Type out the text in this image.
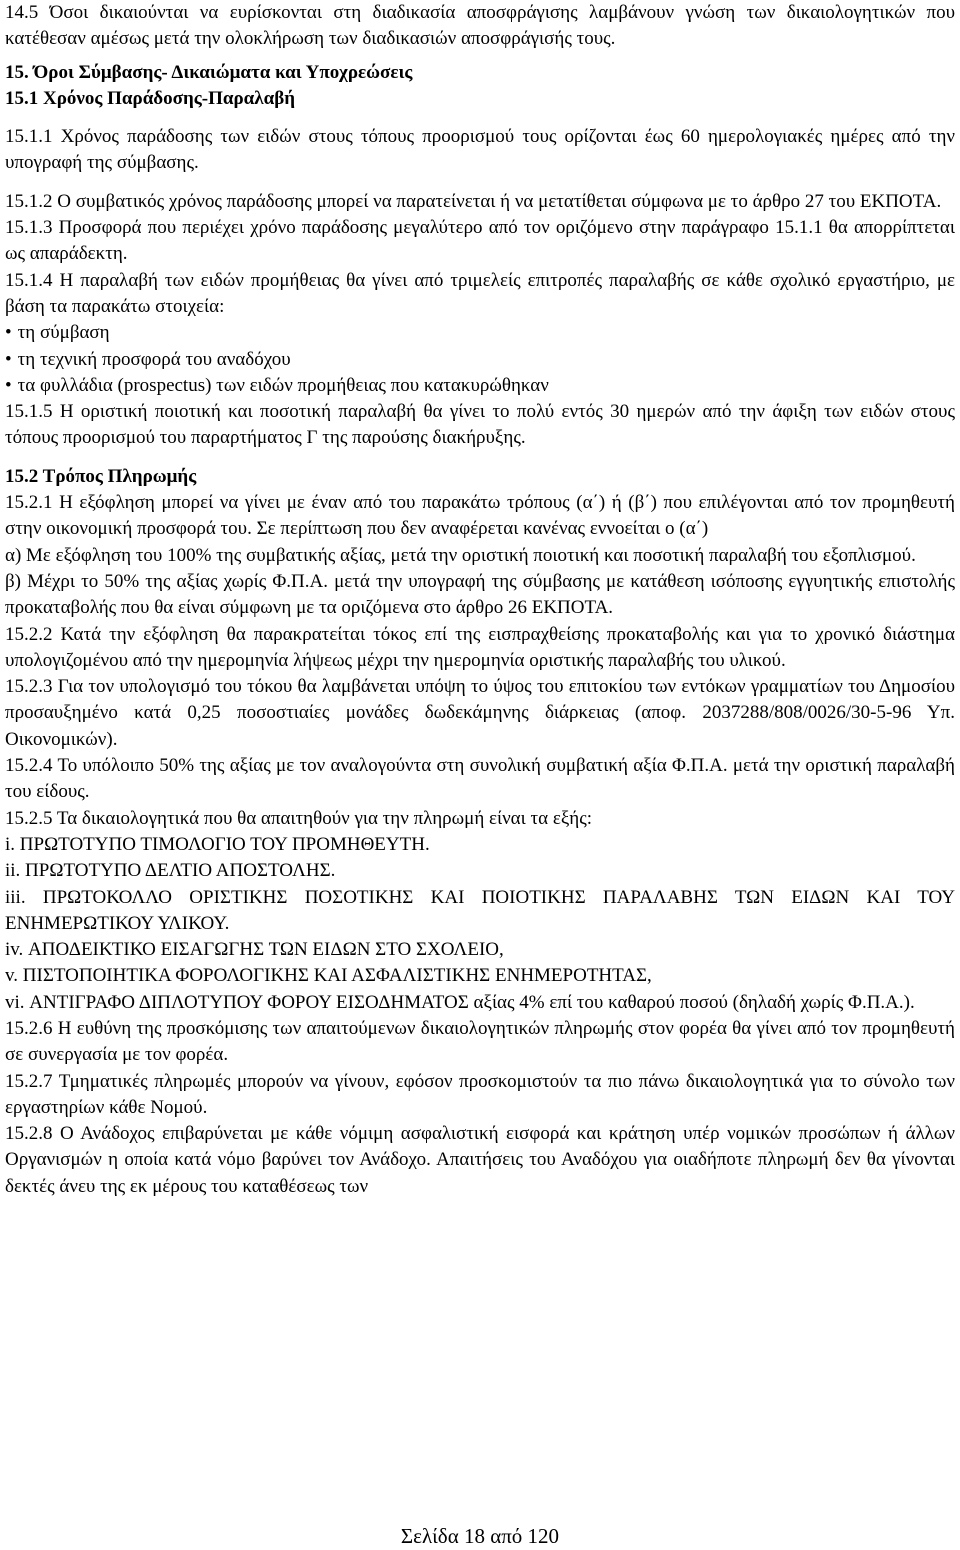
14.5 Όσοι δικαιούνται να ευρίσκονται στη διαδικασία αποσφράγισης λαμβάνουν γνώση των δικαιολογητικών που κατέθεσαν αμέσως μετά την ολοκλήρωση των διαδικασιών αποσφράγισής τους.

15. Όροι Σύμβασης- Δικαιώματα και Υποχρεώσεις

15.1 Χρόνος Παράδοσης-Παραλαβή

15.1.1 Χρόνος παράδοσης των ειδών στους τόπους προορισμού τους ορίζονται έως 60 ημερολογιακές ημέρες από την υπογραφή της σύμβασης.

15.1.2 Ο συμβατικός χρόνος παράδοσης μπορεί να παρατείνεται ή να μετατίθεται σύμφωνα με το άρθρο 27 του ΕΚΠΟΤΑ.

15.1.3 Προσφορά που περιέχει χρόνο παράδοσης μεγαλύτερο από τον οριζόμενο στην παράγραφο 15.1.1 θα απορρίπτεται ως απαράδεκτη.

15.1.4 Η παραλαβή των ειδών προμήθειας θα γίνει από τριμελείς επιτροπές παραλαβής σε κάθε σχολικό εργαστήριο, με βάση τα παρακάτω στοιχεία:

• τη σύμβαση

• τη τεχνική προσφορά του αναδόχου

• τα φυλλάδια (prospectus) των ειδών προμήθειας που κατακυρώθηκαν

15.1.5 Η οριστική ποιοτική και ποσοτική παραλαβή θα γίνει το πολύ εντός 30 ημερών από την άφιξη των ειδών στους τόπους προορισμού του παραρτήματος Γ της παρούσης διακήρυξης.

15.2 Τρόπος Πληρωμής

15.2.1 Η εξόφληση μπορεί να γίνει με έναν από του παρακάτω τρόπους (α΄) ή (β΄) που επιλέγονται από τον προμηθευτή στην οικονομική προσφορά του. Σε περίπτωση που δεν αναφέρεται κανένας εννοείται ο (α΄)

α) Με εξόφληση του 100% της συμβατικής αξίας, μετά την οριστική ποιοτική και ποσοτική παραλαβή του εξοπλισμού.

β) Μέχρι το 50% της αξίας χωρίς Φ.Π.Α. μετά την υπογραφή της σύμβασης με κατάθεση ισόποσης εγγυητικής επιστολής προκαταβολής που θα είναι σύμφωνη με τα οριζόμενα στο άρθρο 26 ΕΚΠΟΤΑ.

15.2.2 Κατά την εξόφληση θα παρακρατείται τόκος επί της εισπραχθείσης προκαταβολής και για το χρονικό διάστημα υπολογιζομένου από την ημερομηνία λήψεως μέχρι την ημερομηνία οριστικής παραλαβής του υλικού.

15.2.3 Για τον υπολογισμό του τόκου θα λαμβάνεται υπόψη το ύψος του επιτοκίου των εντόκων γραμματίων του Δημοσίου προσαυξημένο κατά 0,25 ποσοστιαίες μονάδες δωδεκάμηνης διάρκειας (αποφ. 2037288/808/0026/30-5-96 Υπ. Οικονομικών).

15.2.4 Το υπόλοιπο 50% της αξίας με τον αναλογούντα στη συνολική συμβατική αξία Φ.Π.Α. μετά την οριστική παραλαβή του είδους.

15.2.5 Τα δικαιολογητικά που θα απαιτηθούν για την πληρωμή είναι τα εξής:

i. ΠΡΩΤΟΤΥΠΟ ΤΙΜΟΛΟΓΙΟ ΤΟΥ ΠΡΟΜΗΘΕΥΤΗ.

ii. ΠΡΩΤΟΤΥΠΟ ΔΕΛΤΙΟ ΑΠΟΣΤΟΛΗΣ.

iii. ΠΡΩΤΟΚΟΛΛΟ ΟΡΙΣΤΙΚΗΣ ΠΟΣΟΤΙΚΗΣ ΚΑΙ ΠΟΙΟΤΙΚΗΣ ΠΑΡΑΛΑΒΗΣ ΤΩΝ ΕΙΔΩΝ ΚΑΙ ΤΟΥ ΕΝΗΜΕΡΩΤΙΚΟΥ ΥΛΙΚΟΥ.

iv. ΑΠΟΔΕΙΚΤΙΚΟ ΕΙΣΑΓΩΓΗΣ ΤΩΝ ΕΙΔΩΝ ΣΤΟ ΣΧΟΛΕΙΟ,

v. ΠΙΣΤΟΠΟΙΗΤΙΚΑ ΦΟΡΟΛΟΓΙΚΗΣ ΚΑΙ ΑΣΦΑΛΙΣΤΙΚΗΣ ΕΝΗΜΕΡΟΤΗΤΑΣ,

vi. ΑΝΤΙΓΡΑΦΟ ΔΙΠΛΟΤΥΠΟΥ ΦΟΡΟΥ ΕΙΣΟΔΗΜΑΤΟΣ αξίας 4% επί του καθαρού ποσού (δηλαδή χωρίς Φ.Π.Α.).

15.2.6 Η ευθύνη της προσκόμισης των απαιτούμενων δικαιολογητικών πληρωμής στον φορέα θα γίνει από τον προμηθευτή σε συνεργασία με τον φορέα.

15.2.7 Τμηματικές πληρωμές μπορούν να γίνουν, εφόσον προσκομιστούν τα πιο πάνω δικαιολογητικά για το σύνολο των εργαστηρίων κάθε Νομού.

15.2.8 Ο Ανάδοχος επιβαρύνεται με κάθε νόμιμη ασφαλιστική εισφορά και κράτηση υπέρ νομικών προσώπων ή άλλων Οργανισμών η οποία κατά νόμο βαρύνει τον Ανάδοχο. Απαιτήσεις του Αναδόχου για οιαδήποτε πληρωμή δεν θα γίνονται δεκτές άνευ της εκ μέρους του καταθέσεως των

Σελίδα 18 από 120
